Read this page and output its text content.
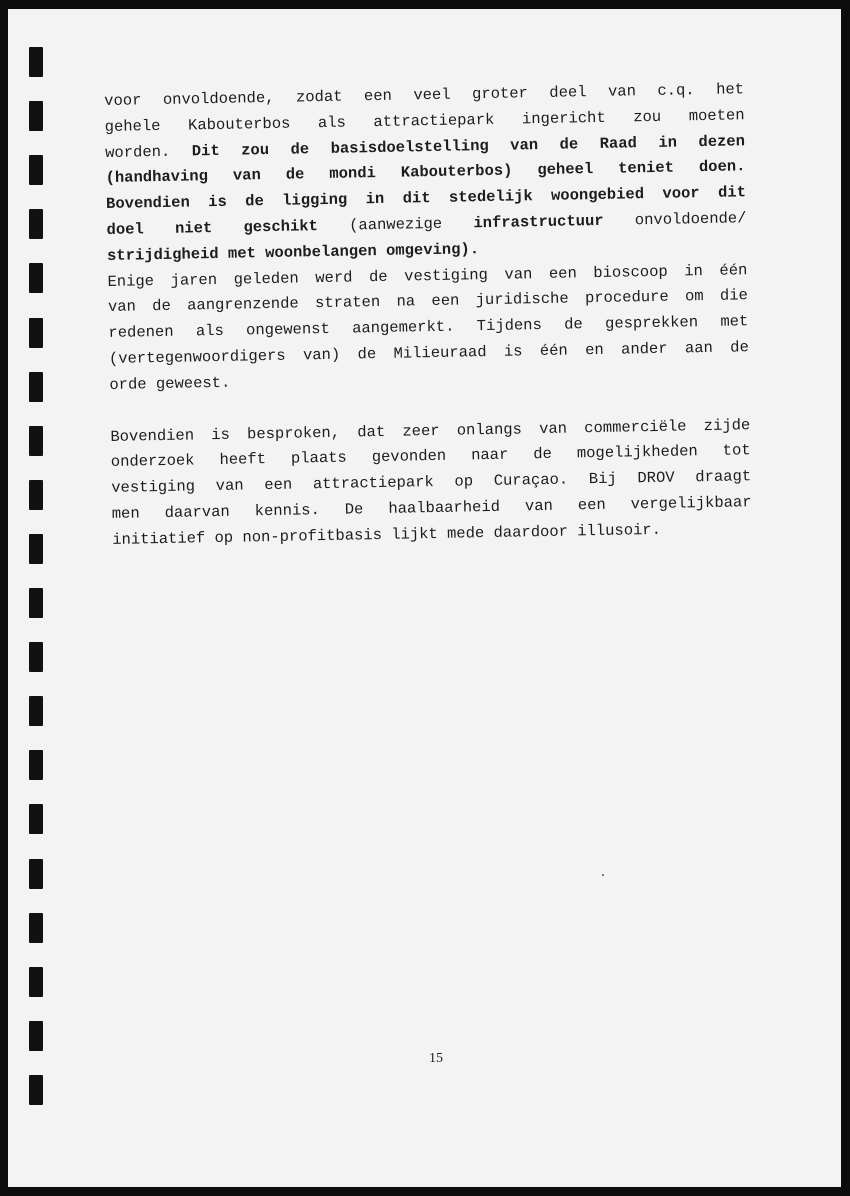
voor onvoldoende, zodat een veel groter deel van c.q. het
gehele Kabouterbos als attractiepark ingericht zou moeten
worden. Dit zou de basisdoelstelling van de Raad in dezen
(handhaving van de mondi Kabouterbos) geheel teniet doen.
Bovendien is de ligging in dit stedelijk woongebied voor dit
doel niet geschikt (aanwezige infrastructuur onvoldoende/
strijdigheid met woonbelangen omgeving).
Enige jaren geleden werd de vestiging van een bioscoop in één
van de aangrenzende straten na een juridische procedure om die
redenen als ongewenst aangemerkt. Tijdens de gesprekken met
(vertegenwoordigers van) de Milieuraad is één en ander aan de
orde geweest.
Bovendien is besproken, dat zeer onlangs van commerciële zijde
onderzoek heeft plaats gevonden naar de mogelijkheden tot
vestiging van een attractiepark op Curaçao. Bij DROV draagt
men daarvan kennis. De haalbaarheid van een vergelijkbaar
initiatief op non-profitbasis lijkt mede daardoor illusoir.
15
